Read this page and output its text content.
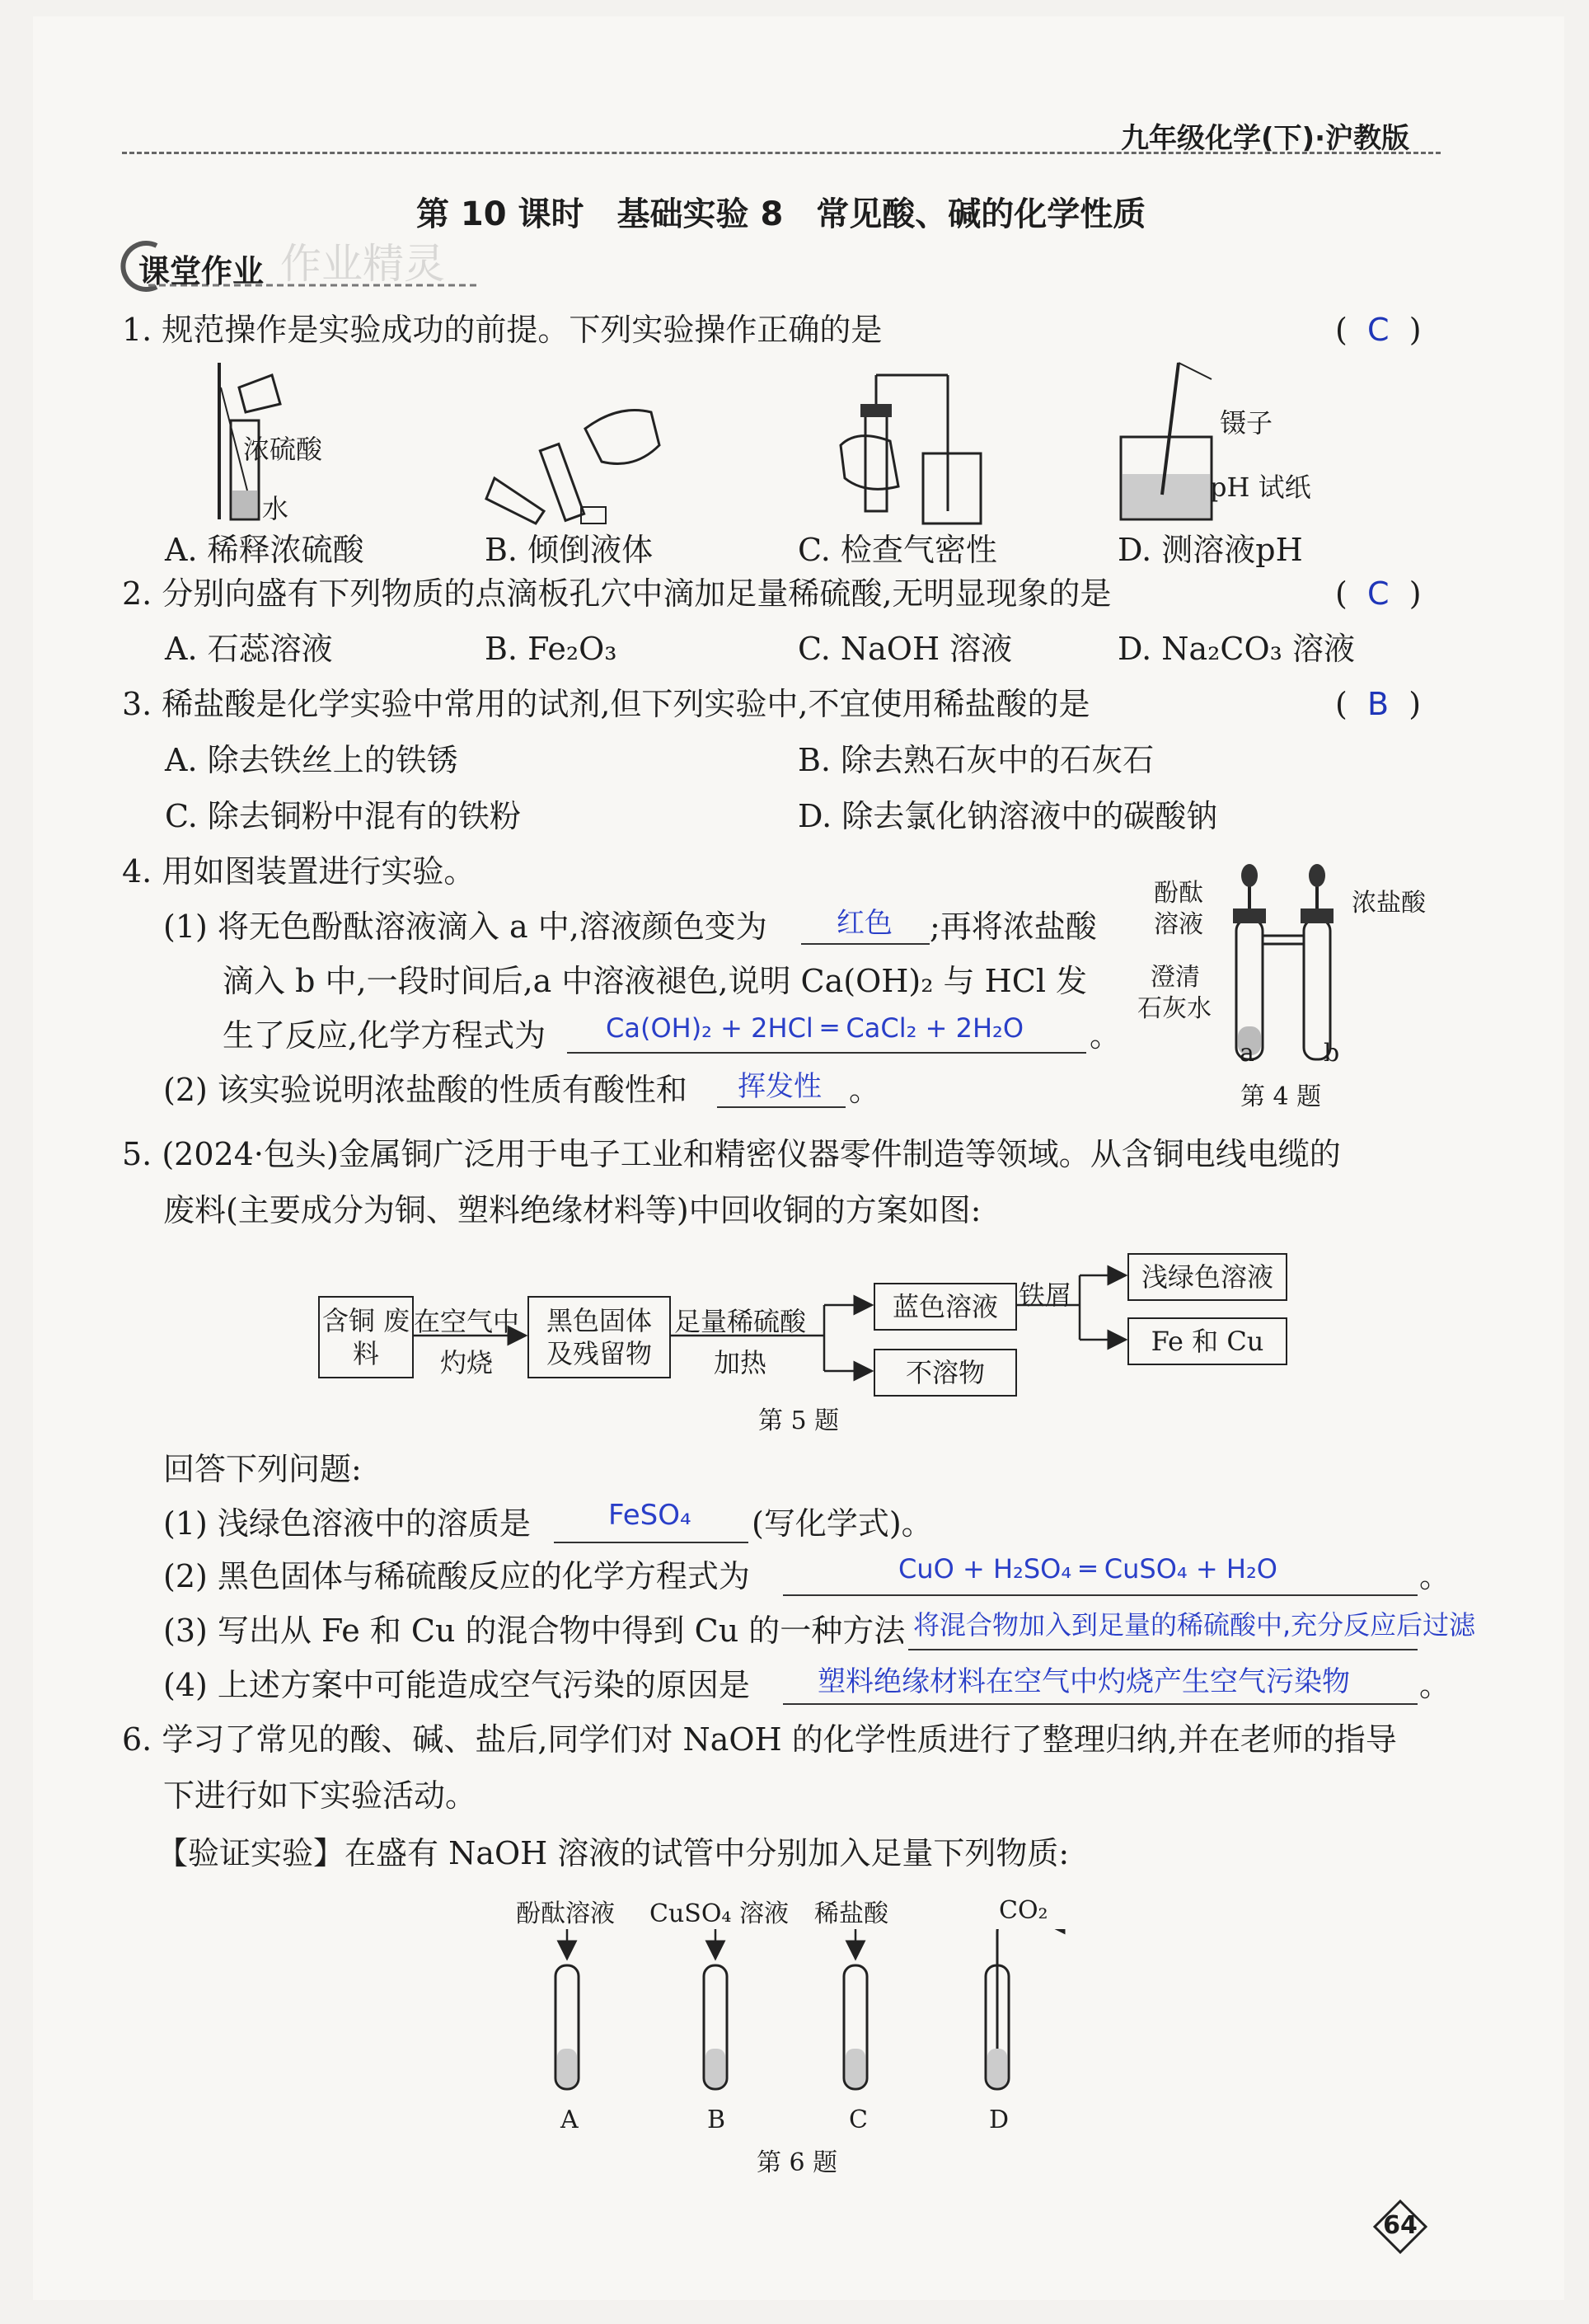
九年级化学(下)·沪教版
第 10 课时　基础实验 8　常见酸、碱的化学性质
课堂作业 作业精灵
1. 规范操作是实验成功的前提。下列实验操作正确的是	(  C  )
浓硫酸
水
镊子
pH 试纸
A. 稀释浓硫酸	B. 倾倒液体	C. 检查气密性	D. 测溶液pH
2. 分别向盛有下列物质的点滴板孔穴中滴加足量稀硫酸,无明显现象的是	(  C  )
A. 石蕊溶液	B. Fe₂O₃	C. NaOH 溶液	D. Na₂CO₃ 溶液
3. 稀盐酸是化学实验中常用的试剂,但下列实验中,不宜使用稀盐酸的是	(  B  )
A. 除去铁丝上的铁锈	B. 除去熟石灰中的石灰石
C. 除去铜粉中混有的铁粉	D. 除去氯化钠溶液中的碳酸钠
4. 用如图装置进行实验。
(1) 将无色酚酞溶液滴入 a 中,溶液颜色变为 红色 ;再将浓盐酸
滴入 b 中,一段时间后,a 中溶液褪色,说明 Ca(OH)₂ 与 HCl 发
生了反应,化学方程式为 Ca(OH)₂ + 2HCl ═ CaCl₂ + 2H₂O 。
(2) 该实验说明浓盐酸的性质有酸性和 挥发性 。
酚酞
溶液
浓盐酸
澄清
石灰水
a	b
第 4 题
5. (2024·包头)金属铜广泛用于电子工业和精密仪器零件制造等领域。从含铜电线电缆的
废料(主要成分为铜、塑料绝缘材料等)中回收铜的方案如图:
含铜 废料
在空气中
灼烧
黑色固体 及残留物
足量稀硫酸
加热
蓝色溶液
不溶物
铁屑
浅绿色溶液
Fe 和 Cu
第 5 题
回答下列问题:
(1) 浅绿色溶液中的溶质是	FeSO₄ (写化学式)。
(2) 黑色固体与稀硫酸反应的化学方程式为	CuO + H₂SO₄ ═ CuSO₄ + H₂O	。
(3) 写出从 Fe 和 Cu 的混合物中得到 Cu 的一种方法 将混合物加入到足量的稀硫酸中,充分反应后过滤
(4) 上述方案中可能造成空气污染的原因是 塑料绝缘材料在空气中灼烧产生空气污染物 。
6. 学习了常见的酸、碱、盐后,同学们对 NaOH 的化学性质进行了整理归纳,并在老师的指导
下进行如下实验活动。
【验证实验】在盛有 NaOH 溶液的试管中分别加入足量下列物质:
酚酞溶液 CuSO₄ 溶液 稀盐酸	CO₂
A	B	C	D
第 6 题
64
